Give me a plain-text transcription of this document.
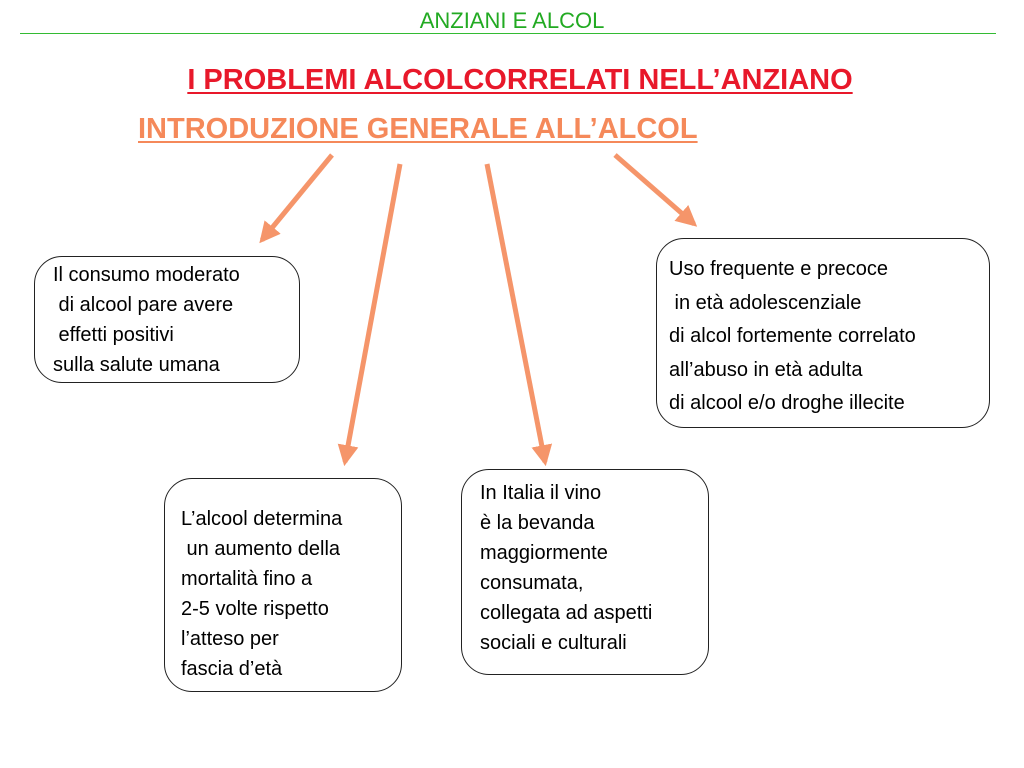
ANZIANI E ALCOL
I PROBLEMI ALCOLCORRELATI NELL’ANZIANO
INTRODUZIONE GENERALE ALL’ALCOL
Il consumo moderato
di alcool pare avere
effetti positivi
sulla salute umana
Uso frequente e precoce
in età adolescenziale
di alcol fortemente correlato
all’abuso in età adulta
di alcool e/o droghe illecite
L’alcool determina
un aumento della
mortalità fino a
2-5 volte rispetto
l’atteso per
fascia d’età
In Italia il vino
è la bevanda
maggiormente
consumata,
collegata ad aspetti
sociali e culturali
